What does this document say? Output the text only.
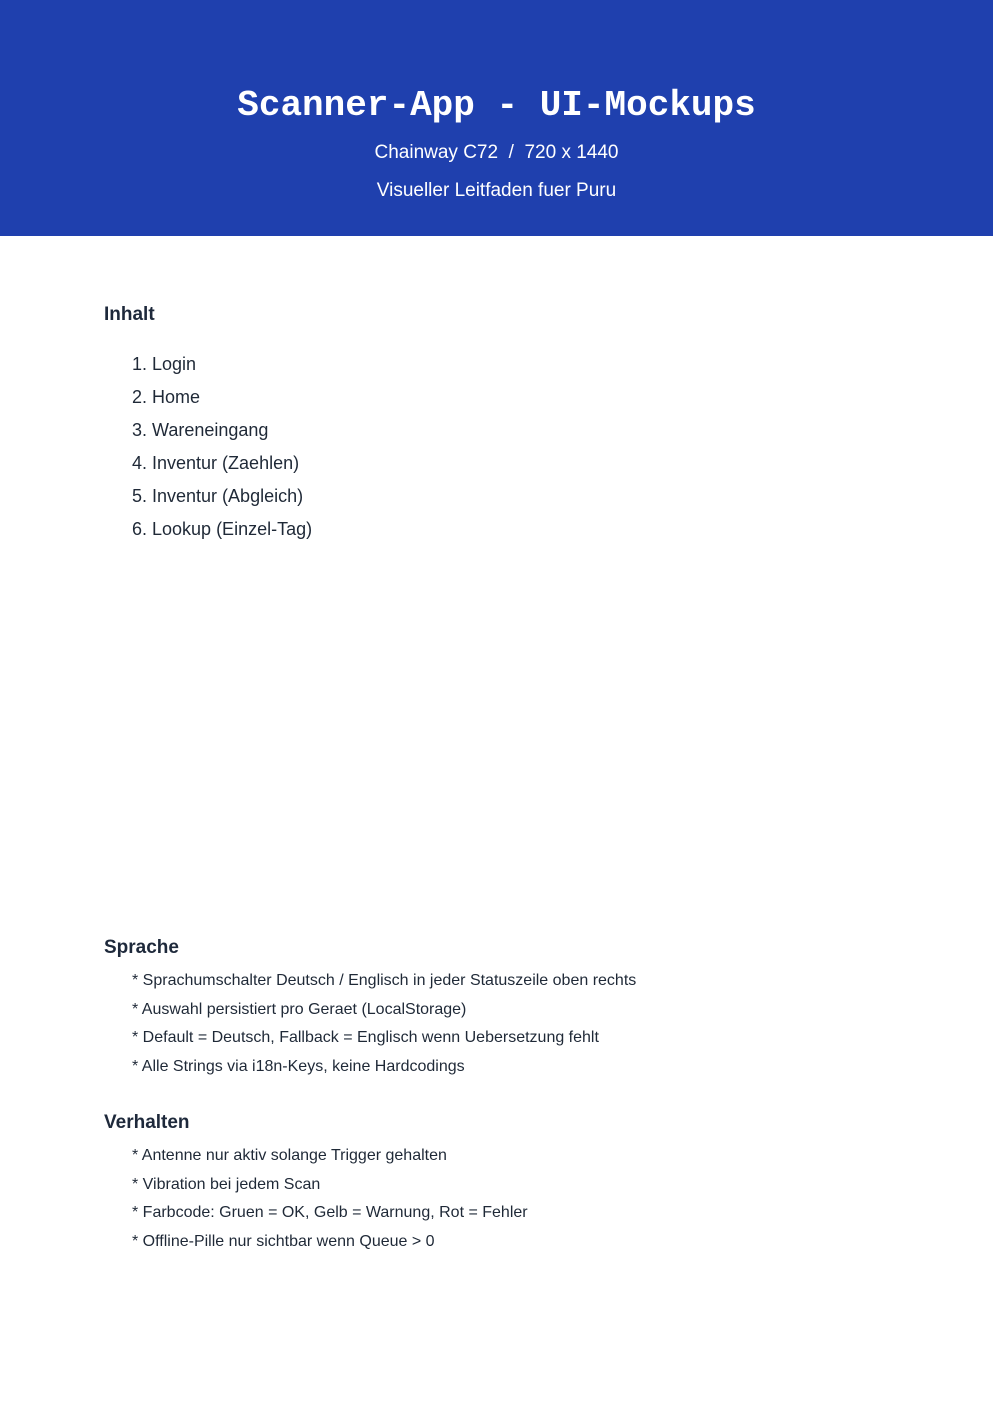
Scanner-App - UI-Mockups
Chainway C72  /  720 x 1440
Visueller Leitfaden fuer Puru
Inhalt
1. Login
2. Home
3. Wareneingang
4. Inventur (Zaehlen)
5. Inventur (Abgleich)
6. Lookup (Einzel-Tag)
Sprache
* Sprachumschalter Deutsch / Englisch in jeder Statuszeile oben rechts
* Auswahl persistiert pro Geraet (LocalStorage)
* Default = Deutsch, Fallback = Englisch wenn Uebersetzung fehlt
* Alle Strings via i18n-Keys, keine Hardcodings
Verhalten
* Antenne nur aktiv solange Trigger gehalten
* Vibration bei jedem Scan
* Farbcode: Gruen = OK, Gelb = Warnung, Rot = Fehler
* Offline-Pille nur sichtbar wenn Queue > 0
